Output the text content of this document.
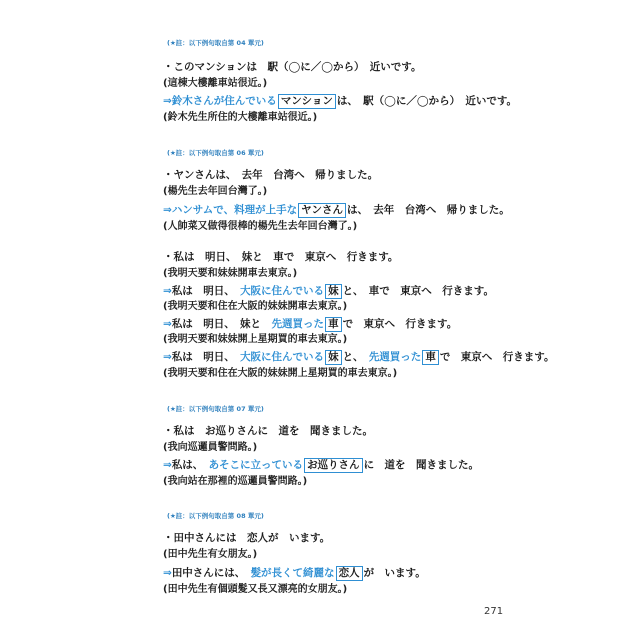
(★註：以下例句取自第 04 單元)
・このマンションは　駅（◯に／◯から）　近いです。
(這棟大樓離車站很近。)
⇒鈴木さんが住んでいる マンション は、　駅（◯に／◯から）　近いです。
(鈴木先生所住的大樓離車站很近。)
(★註：以下例句取自第 06 單元)
・ヤンさんは、　去年　台湾へ　帰りました。
(楊先生去年回台灣了。)
⇒ハンサムで、料理が上手な ヤンさん は、　去年　台湾へ　帰りました。
(人帥菜又做得很棒的楊先生去年回台灣了。)
・私は　明日、　妹と　車で　東京へ　行きます。
(我明天要和妹妹開車去東京。)
⇒私は　明日、　 大阪に住んでいる 妹 と、　車で　東京へ　行きます。
(我明天要和住在大阪的妹妹開車去東京。)
⇒私は　明日、　妹と　 先週買った 車 で　東京へ　行きます。
(我明天要和妹妹開上星期買的車去東京。)
⇒私は　明日、　 大阪に住んでいる 妹 と、　 先週買った 車 で　東京へ　行きます。
(我明天要和住在大阪的妹妹開上星期買的車去東京。)
(★註：以下例句取自第 07 單元)
・私は　お巡りさんに　道を　聞きました。
(我向巡邏員警問路。)
⇒私は、　 あそこに立っている お巡りさん に　道を　聞きました。
(我向站在那裡的巡邏員警問路。)
(★註：以下例句取自第 08 單元)
・田中さんには　恋人が　います。
(田中先生有女朋友。)
⇒田中さんには、　 髪が長くて綺麗な 恋人 が　います。
(田中先生有個頭髮又長又漂亮的女朋友。)
271
